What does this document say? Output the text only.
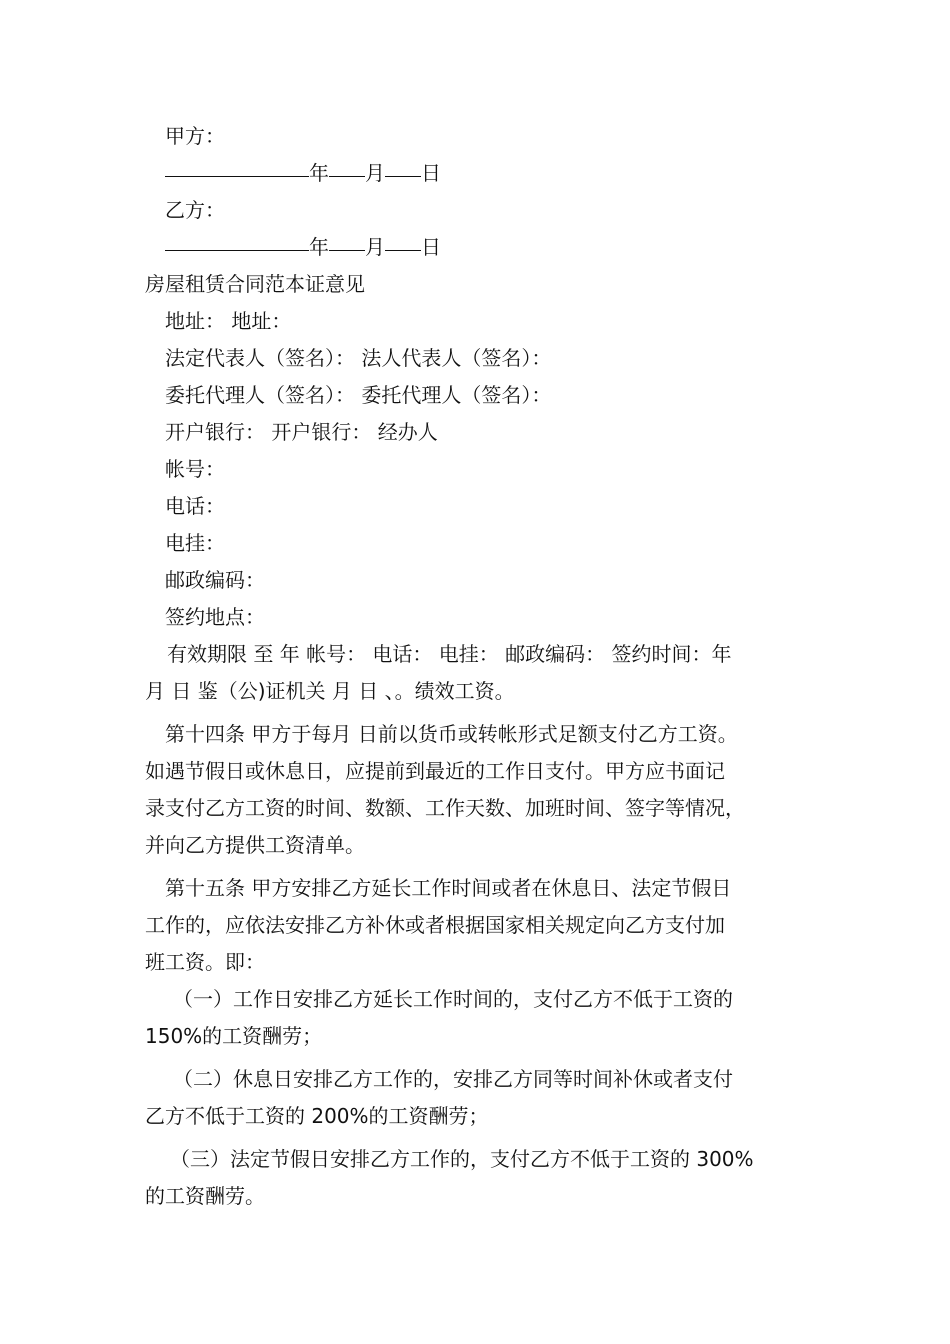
甲方：
年 月 日
乙方：
年 月 日
房屋租赁合同范本证意见
地址： 地址：
法定代表人（签名）： 法人代表人（签名）：
委托代理人（签名）： 委托代理人（签名）：
开户银行： 开户银行： 经办人
帐号：
电话：
电挂：
邮政编码：
签约地点：
有效期限 至 年 帐号： 电话： 电挂： 邮政编码： 签约时间：年
月 日 鉴（公)证机关 月 日 、。绩效工资。
第十四条 甲方于每月 日前以货币或转帐形式足额支付乙方工资。
如遇节假日或休息日，应提前到最近的工作日支付。甲方应书面记
录支付乙方工资的时间、数额、工作天数、加班时间、签字等情况，
并向乙方提供工资清单。
第十五条 甲方安排乙方延长工作时间或者在休息日、法定节假日
工作的，应依法安排乙方补休或者根据国家相关规定向乙方支付加
班工资。即：
（一）工作日安排乙方延长工作时间的，支付乙方不低于工资的
150%的工资酬劳；
（二）休息日安排乙方工作的，安排乙方同等时间补休或者支付
乙方不低于工资的 200%的工资酬劳；
（三）法定节假日安排乙方工作的，支付乙方不低于工资的 300%
的工资酬劳。
